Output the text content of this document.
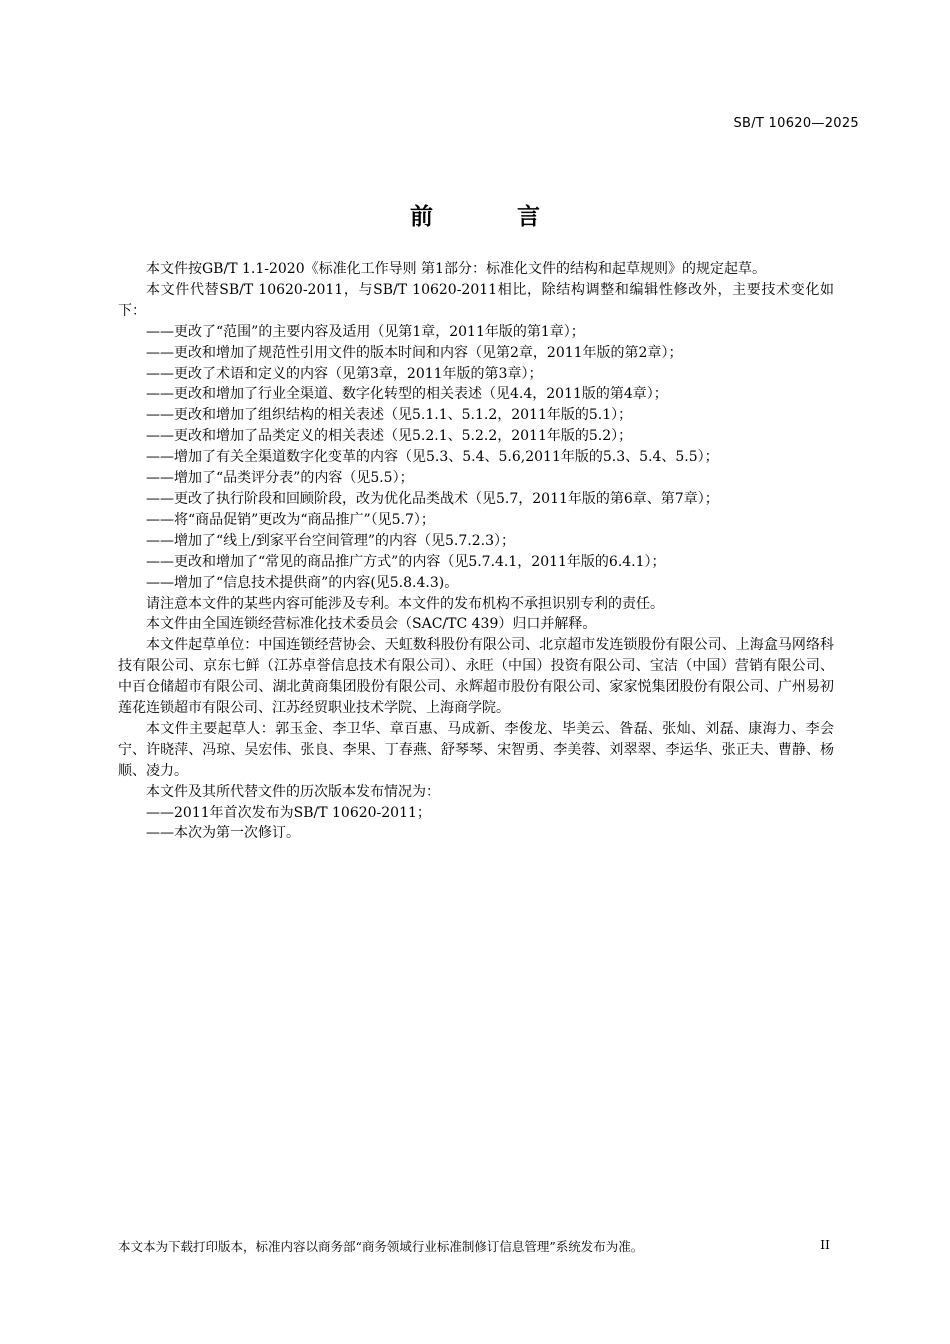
SB/T 10620—2025
前 言

本文件按GB/T 1.1-2020《标准化工作导则 第1部分：标准化文件的结构和起草规则》的规定起草。

本文件代替SB/T 10620-2011，与SB/T 10620-2011相比，除结构调整和编辑性修改外，主要技术变化如下：

——更改了“范围”的主要内容及适用（见第1章，2011年版的第1章）；

——更改和增加了规范性引用文件的版本时间和内容（见第2章，2011年版的第2章）；

——更改了术语和定义的内容（见第3章，2011年版的第3章）；

——更改和增加了行业全渠道、数字化转型的相关表述（见4.4，2011版的第4章）；

——更改和增加了组织结构的相关表述（见5.1.1、5.1.2，2011年版的5.1）；

——更改和增加了品类定义的相关表述（见5.2.1、5.2.2，2011年版的5.2）；

——增加了有关全渠道数字化变革的内容（见5.3、5.4、5.6,2011年版的5.3、5.4、5.5）；

——增加了“品类评分表”的内容（见5.5）；

——更改了执行阶段和回顾阶段，改为优化品类战术（见5.7，2011年版的第6章、第7章）；

——将“商品促销”更改为“商品推广”（见5.7）；

——增加了“线上/到家平台空间管理”的内容（见5.7.2.3）；

——更改和增加了“常见的商品推广方式”的内容（见5.7.4.1，2011年版的6.4.1）；

——增加了“信息技术提供商”的内容(见5.8.4.3)。

请注意本文件的某些内容可能涉及专利。本文件的发布机构不承担识别专利的责任。

本文件由全国连锁经营标准化技术委员会（SAC/TC 439）归口并解释。

本文件起草单位：中国连锁经营协会、天虹数科股份有限公司、北京超市发连锁股份有限公司、上海盒马网络科技有限公司、京东七鲜（江苏卓誉信息技术有限公司）、永旺（中国）投资有限公司、宝洁（中国）营销有限公司、中百仓储超市有限公司、湖北黄商集团股份有限公司、永辉超市股份有限公司、家家悦集团股份有限公司、广州易初莲花连锁超市有限公司、江苏经贸职业技术学院、上海商学院。

本文件主要起草人：郭玉金、李卫华、章百惠、马成新、李俊龙、毕美云、昝磊、张灿、刘磊、康海力、李会宁、许晓萍、冯琼、吴宏伟、张良、李果、丁春燕、舒琴琴、宋智勇、李美蓉、刘翠翠、李运华、张正夫、曹静、杨顺、凌力。

本文件及其所代替文件的历次版本发布情况为：

——2011年首次发布为SB/T 10620-2011；

——本次为第一次修订。

本文本为下载打印版本，标准内容以商务部“商务领域行业标准制修订信息管理”系统发布为准。	II
